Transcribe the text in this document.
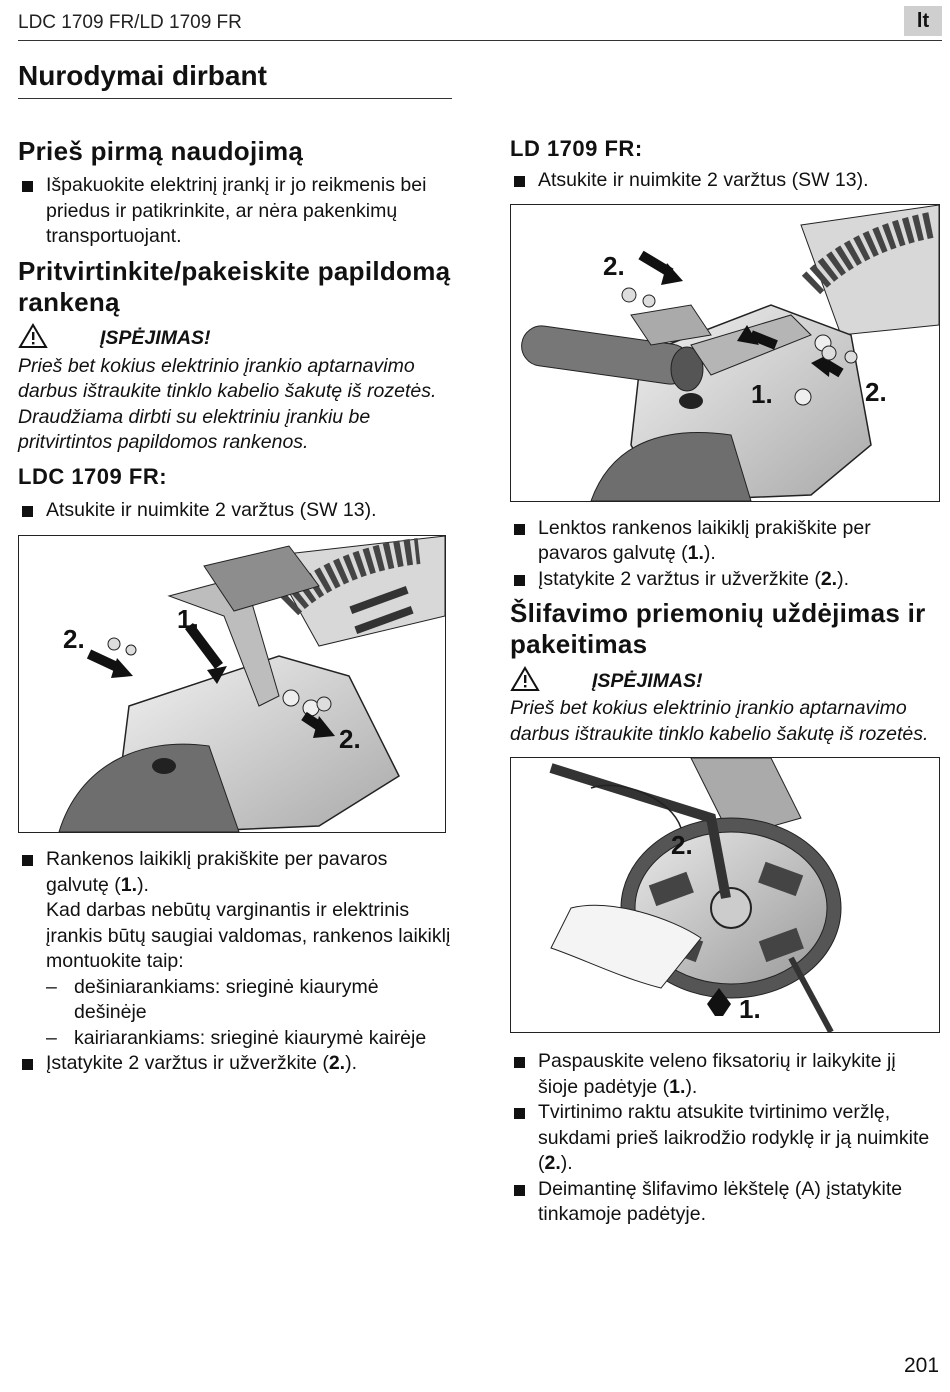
LDC 1709 FR/LD 1709 FR	lt
Nurodymai dirbant
Prieš pirmą naudojimą
Išpakuokite elektrinį įrankį ir jo reikmenis bei priedus ir patikrinkite, ar nėra pakenkimų transportuojant.
Pritvirtinkite/pakeiskite papildomą rankeną
ĮSPĖJIMAS!
Prieš bet kokius elektrinio įrankio aptarnavimo darbus ištraukite tinklo kabelio šakutę iš rozetės.
Draudžiama dirbti su elektriniu įrankiu be pritvirtintos papildomos rankenos.
LDC 1709 FR:
Atsukite ir nuimkite 2 varžtus (SW 13).
1.
2.
2.
Rankenos laikiklį prakiškite per pavaros galvutę (1.).
Kad darbas nebūtų varginantis ir elektrinis įrankis būtų saugiai valdomas, rankenos laikiklį montuokite taip:
– dešiniarankiams: srieginė kiaurymė dešinėje
– kairiarankiams: srieginė kiaurymė kairėje
Įstatykite 2 varžtus ir užveržkite (2.).
LD 1709 FR:
Atsukite ir nuimkite 2 varžtus (SW 13).
2.
1.	2.
Lenktos rankenos laikiklį prakiškite per pavaros galvutę (1.).
Įstatykite 2 varžtus ir užveržkite (2.).
Šlifavimo priemonių uždėjimas ir pakeitimas
ĮSPĖJIMAS!
Prieš bet kokius elektrinio įrankio aptarnavimo darbus ištraukite tinklo kabelio šakutę iš rozetės.
2.
1.
Paspauskite veleno fiksatorių ir laikykite jį šioje padėtyje (1.).
Tvirtinimo raktu atsukite tvirtinimo veržlę, sukdami prieš laikrodžio rodyklę ir ją nuimkite (2.).
Deimantinę šlifavimo lėkštelę (A) įstatykite tinkamoje padėtyje.
201
